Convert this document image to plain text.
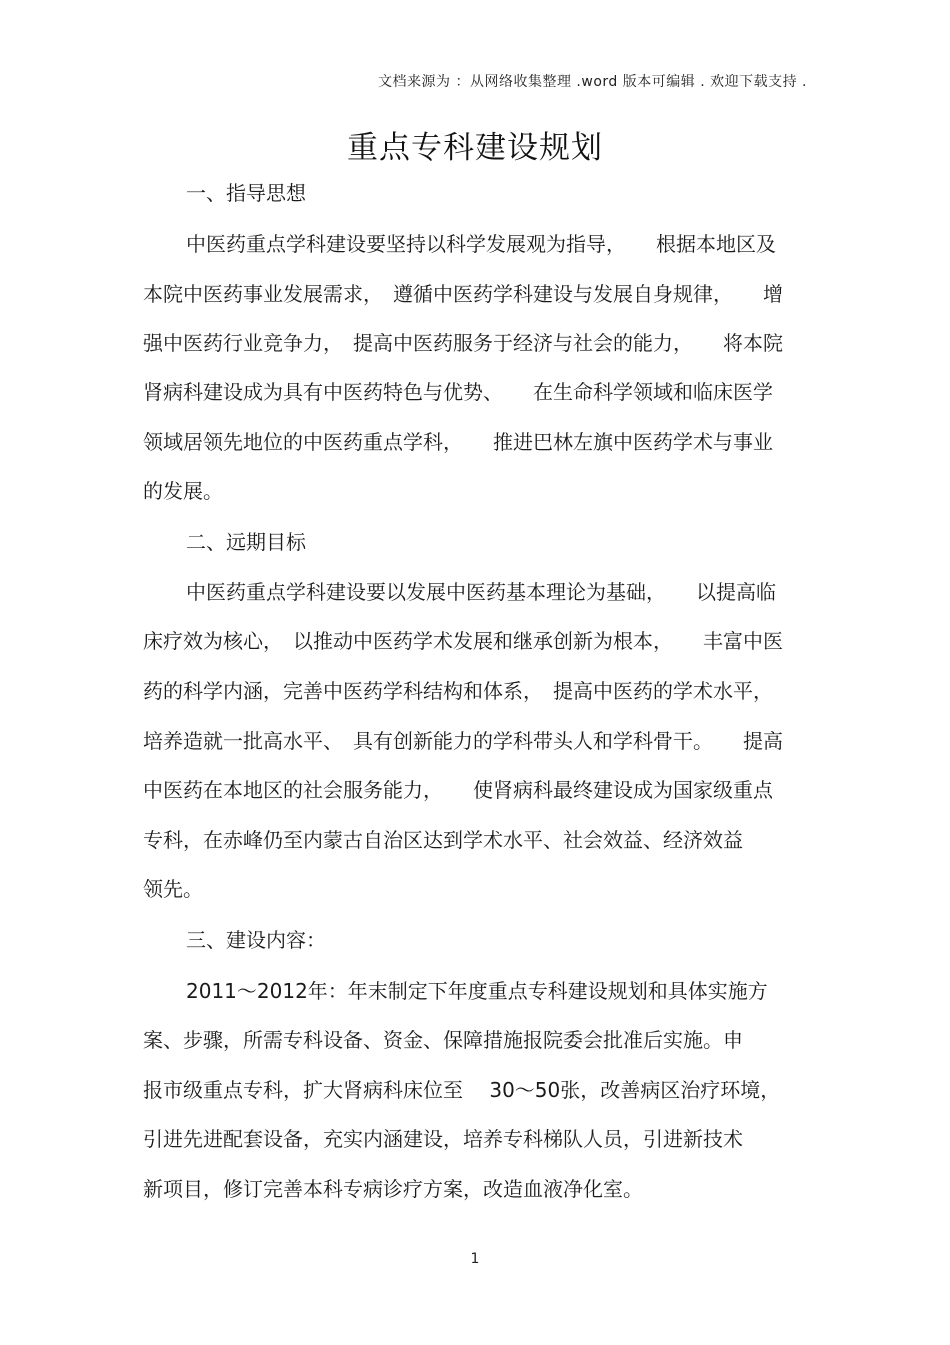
文档来源为 ：从网络收集整理 .word 版本可编辑 . 欢迎下载支持 .
重点专科建设规划
一、指导思想
中医药重点学科建设要坚持以科学发展观为指导，　　根据本地区及
本院中医药事业发展需求，　遵循中医药学科建设与发展自身规律，　　增
强中医药行业竞争力，　提高中医药服务于经济与社会的能力，　　将本院
肾病科建设成为具有中医药特色与优势、　　在生命科学领域和临床医学
领域居领先地位的中医药重点学科，　　推进巴林左旗中医药学术与事业
的发展。
二、远期目标
中医药重点学科建设要以发展中医药基本理论为基础，　　以提高临
床疗效为核心，　以推动中医药学术发展和继承创新为根本，　　丰富中医
药的科学内涵，完善中医药学科结构和体系，　提高中医药的学术水平，
培养造就一批高水平、　具有创新能力的学科带头人和学科骨干。　　提高
中医药在本地区的社会服务能力，　　使肾病科最终建设成为国家级重点
专科，在赤峰仍至内蒙古自治区达到学术水平、社会效益、经济效益
领先。
三、建设内容：
2011～2012年：年末制定下年度重点专科建设规划和具体实施方
案、步骤，所需专科设备、资金、保障措施报院委会批准后实施。申
报市级重点专科，扩大肾病科床位至　 30～50张，改善病区治疗环境，
引进先进配套设备，充实内涵建设，培养专科梯队人员，引进新技术
新项目，修订完善本科专病诊疗方案，改造血液净化室。
1
